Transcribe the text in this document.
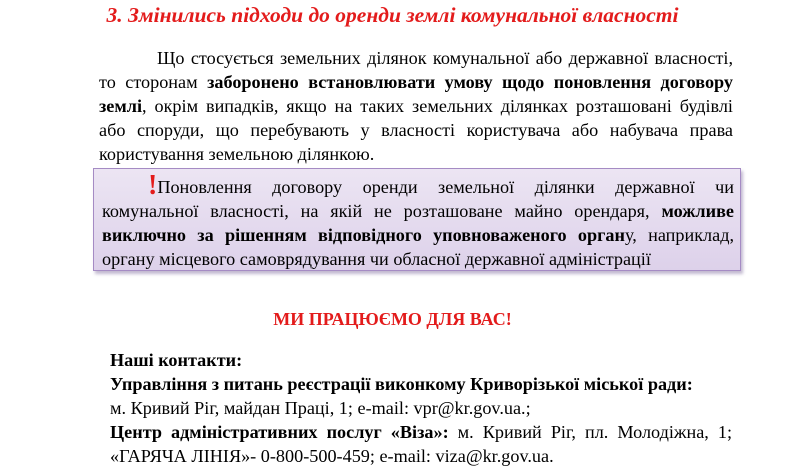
3. Змінились підходи до оренди землі комунальної власності

Що стосується земельних ділянок комунальної або державної власності, то сторонам заборонено встановлювати умову щодо поновлення договору землі, окрім випадків, якщо на таких земельних ділянках розташовані будівлі або споруди, що перебувають у власності користувача або набувача права користування земельною ділянкою.

!Поновлення договору оренди земельної ділянки державної чи комунальної власності, на якій не розташоване майно орендаря, можливе виключно за рішенням відповідного уповноваженого органу, наприклад, органу місцевого самоврядування чи обласної державної адміністрації

МИ ПРАЦЮЄМО ДЛЯ ВАС!

Наші контакти:
Управління з питань реєстрації виконкому Криворізької міської ради:
м. Кривий Ріг, майдан Праці, 1; e-mail: vpr@kr.gov.ua.;
Центр адміністративних послуг «Віза»: м. Кривий Ріг, пл. Молодіжна, 1; «ГАРЯЧА ЛІНІЯ»- 0-800-500-459; e-mail: viza@kr.gov.ua.
